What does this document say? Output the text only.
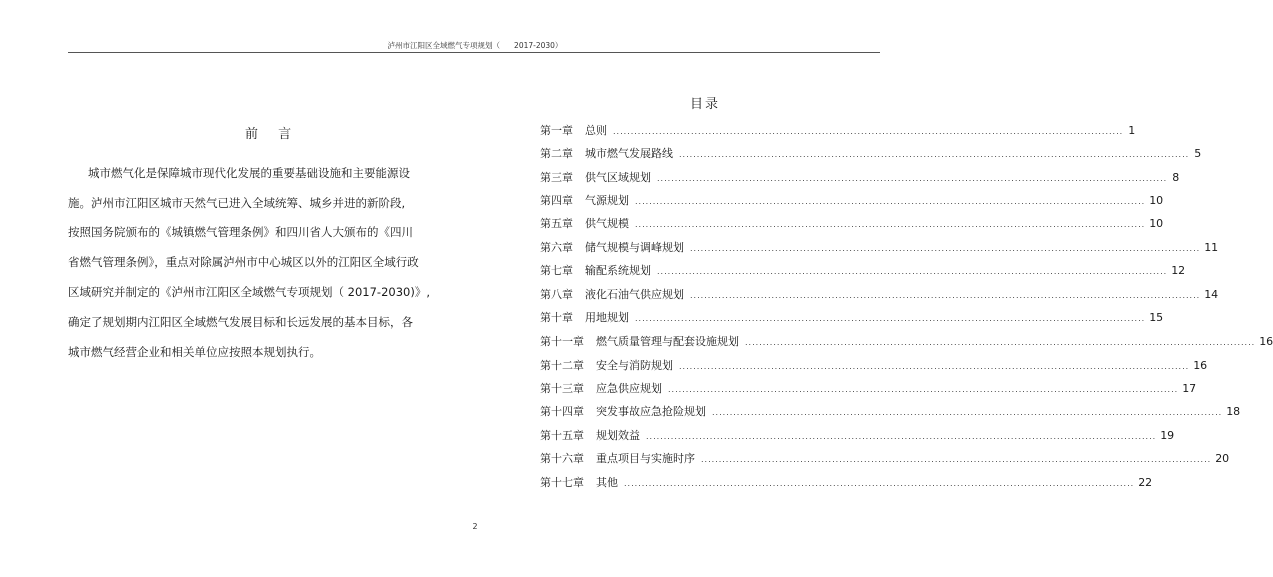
泸州市江阳区全域燃气专项规划（ 2017-2030）
前 言
城市燃气化是保障城市现代化发展的重要基础设施和主要能源设
施。泸州市江阳区城市天然气已进入全域统筹、城乡并进的新阶段,
按照国务院颁布的《城镇燃气管理条例》和四川省人大颁布的《四川
省燃气管理条例》，重点对除属泸州市中心城区以外的江阳区全域行政
区域研究并制定的《泸州市江阳区全域燃气专项规划（ 2017-2030)》,
确定了规划期内江阳区全域燃气发展目标和长远发展的基本目标，各
城市燃气经营企业和相关单位应按照本规划执行。
目录
第一章 总则 ................................................................................................................................................ 1
第二章 城市燃气发展路线 ................................................................................................................................................ 5
第三章 供气区域规划 ................................................................................................................................................ 8
第四章 气源规划 ................................................................................................................................................ 10
第五章 供气规模 ................................................................................................................................................ 10
第六章 储气规模与调峰规划 ................................................................................................................................................ 11
第七章 输配系统规划 ................................................................................................................................................ 12
第八章 液化石油气供应规划 ................................................................................................................................................ 14
第十章 用地规划 ................................................................................................................................................ 15
第十一章 燃气质量管理与配套设施规划 ................................................................................................................................................ 16
第十二章 安全与消防规划 ................................................................................................................................................ 16
第十三章 应急供应规划 ................................................................................................................................................ 17
第十四章 突发事故应急抢险规划 ................................................................................................................................................ 18
第十五章 规划效益 ................................................................................................................................................ 19
第十六章 重点项目与实施时序 ................................................................................................................................................ 20
第十七章 其他 ................................................................................................................................................ 22
2
